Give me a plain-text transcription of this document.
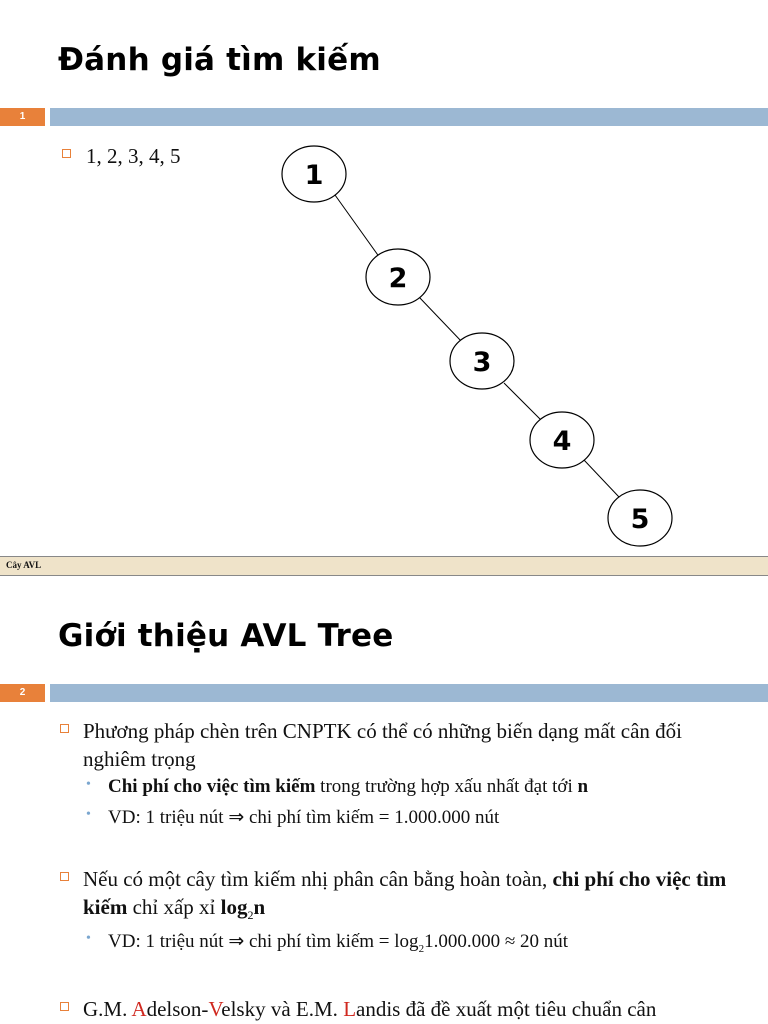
Đánh giá tìm kiếm
1
1, 2, 3, 4, 5
1
2
3
4
5
Cây AVL
Giới thiệu AVL Tree
2
Phương pháp chèn trên CNPTK có thể có những biến dạng mất cân đối nghiêm trọng
• Chi phí cho việc tìm kiếm trong trường hợp xấu nhất đạt tới n
• VD: 1 triệu nút ⇒ chi phí tìm kiếm = 1.000.000 nút
Nếu có một cây tìm kiếm nhị phân cân bằng hoàn toàn, chi phí cho việc tìm kiếm chỉ xấp xỉ $\log_2n$
• VD: 1 triệu nút ⇒ chi phí tìm kiếm = $\log_21.000.000 \approx 20$ nút
G.M. Adelson-Velsky và E.M. Landis đã đề xuất một tiêu chuẩn cân
